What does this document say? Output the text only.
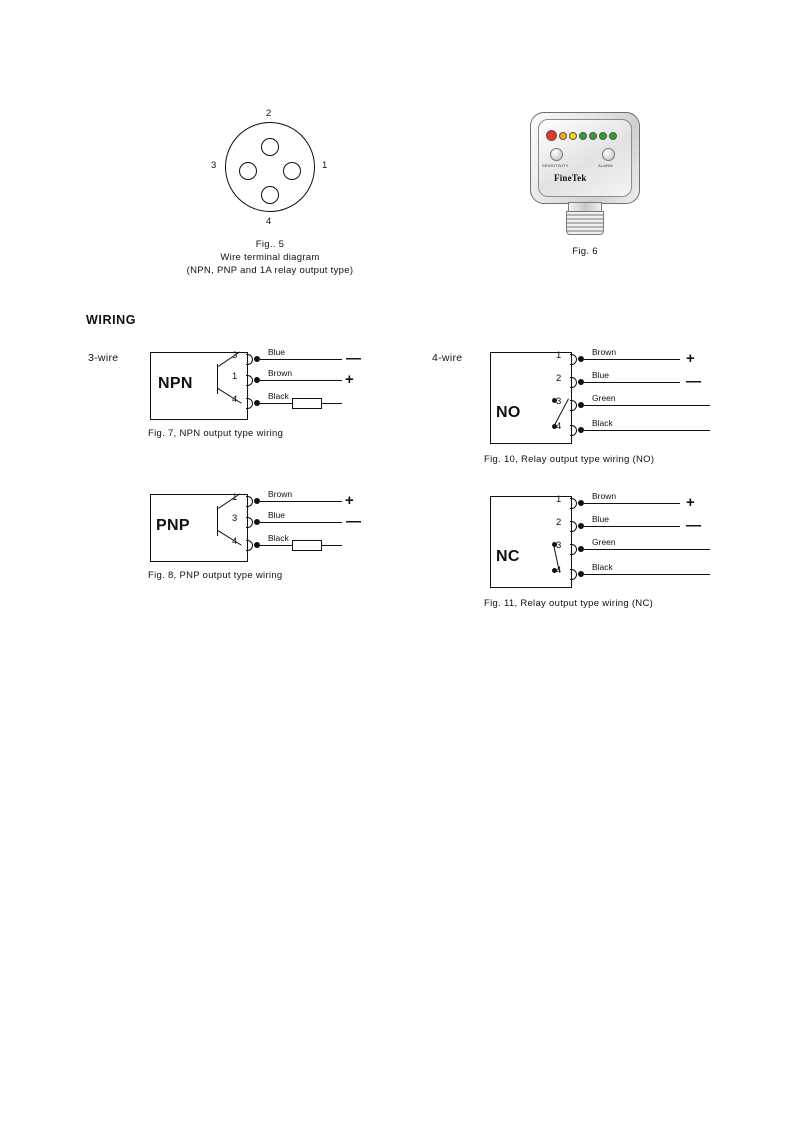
2
1
3
4
Fig.. 5
Wire terminal diagram
(NPN, PNP and 1A relay output type)
SENSITIVITY	ALARM
FineTek
Fig. 6
WIRING
3-wire	4-wire
NPN
3	Blue	—
1	Brown	+
4	Black
Fig. 7, NPN output type wiring
PNP
1	Brown	+
3	Blue	—
4	Black
Fig. 8, PNP output type wiring
NO
1	Brown	+
2	Blue	—
3	Green
4	Black
Fig. 10, Relay output type wiring (NO)
NC
1	Brown	+
2	Blue	—
3	Green
4	Black
Fig. 11, Relay output type wiring (NC)
